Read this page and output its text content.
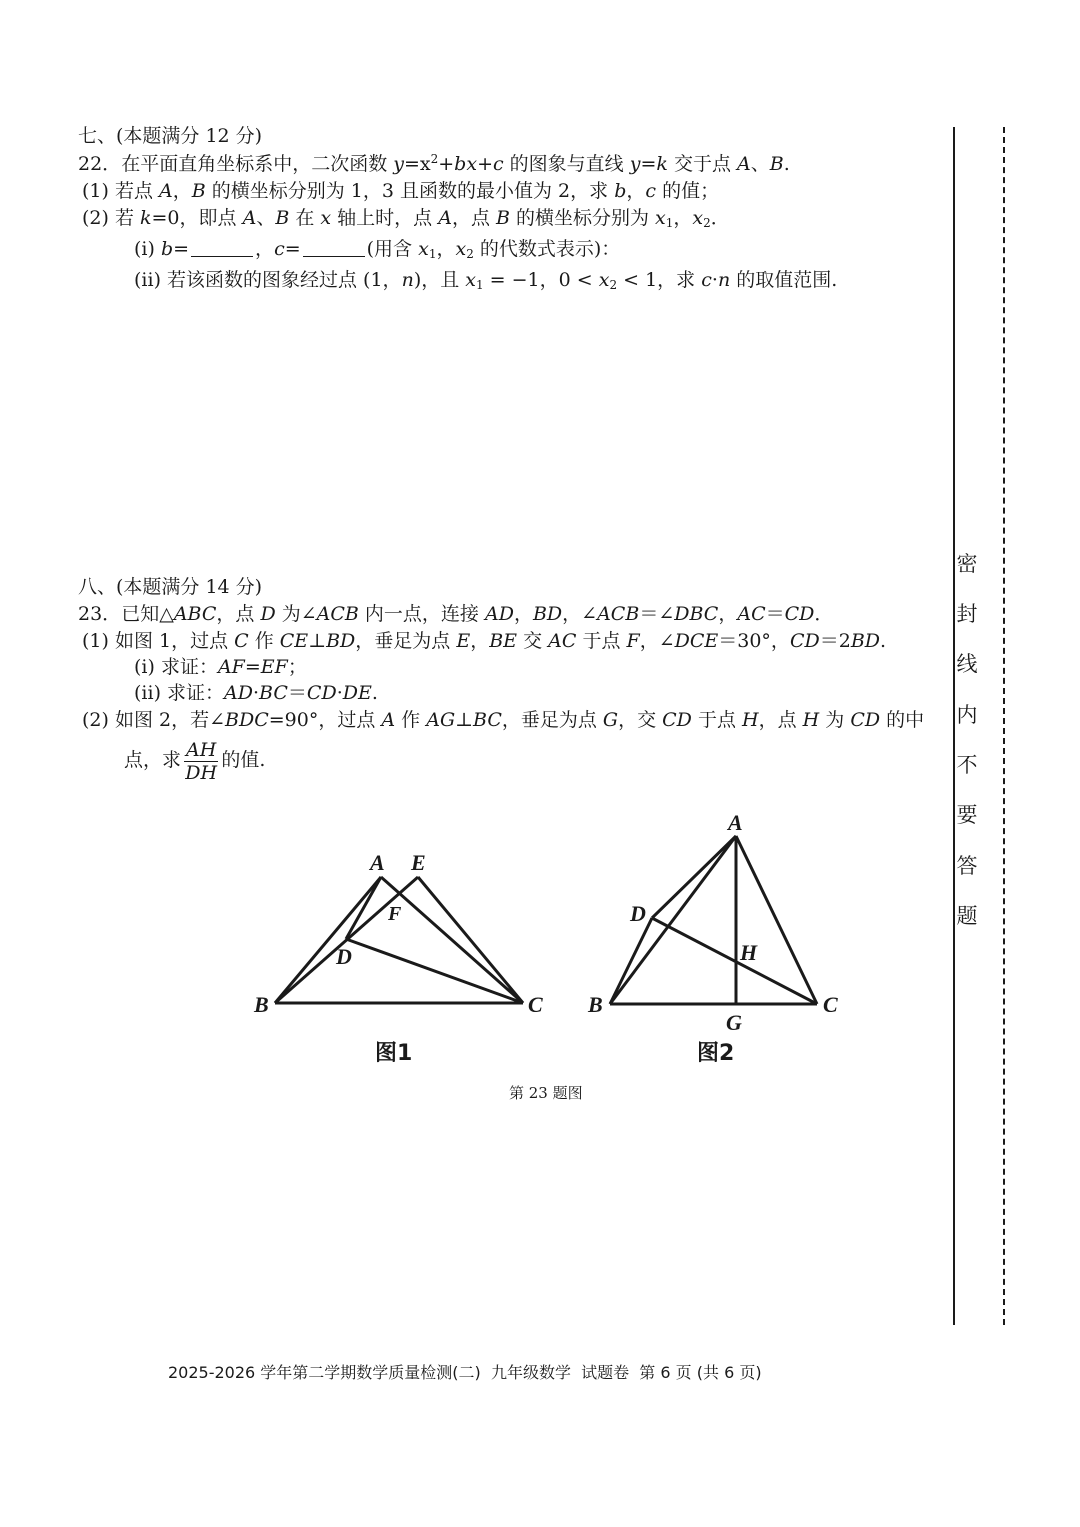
七、(本题满分 12 分)
22．在平面直角坐标系中，二次函数 $y=x^2+bx+c$ 的图象与直线 y=k 交于点 A、B.
(1) 若点 A，B 的横坐标分别为 1，3 且函数的最小值为 2，求 b，c 的值；
(2) 若 k=0，即点 A、B 在 x 轴上时，点 A，点 B 的横坐标分别为 $x_1$，$x_2$．
(i) b=	，c=	(用含 $x_1$，$x_2$ 的代数式表示)：
(ii) 若该函数的图象经过点 (1，n)，且 $x_1 = -1$，$0 < x_2 < 1$，求 c·n 的取值范围.
八、(本题满分 14 分)
23．已知△ABC，点 D 为∠ACB 内一点，连接 AD，BD，∠ACB＝∠DBC，AC＝CD．
(1) 如图 1，过点 C 作 CE⊥BD，垂足为点 E，BE 交 AC 于点 F，∠DCE＝30°，CD＝2BD.
(i) 求证：AF=EF；
(ii) 求证：AD·BC＝CD·DE.
(2) 如图 2，若∠BDC=90°，过点 A 作 AG⊥BC，垂足为点 G，交 CD 于点 H，点 H 为 CD 的中
点，求 $\frac{AH}{DH}$ 的值.
A E
F
D
B	C
图1
A
D
H
B
G
C
图2
第 23 题图
密
封
线
内
不
要
答
题
2025-2026 学年第二学期数学质量检测(二)  九年级数学  试题卷  第 6 页 (共 6 页)
